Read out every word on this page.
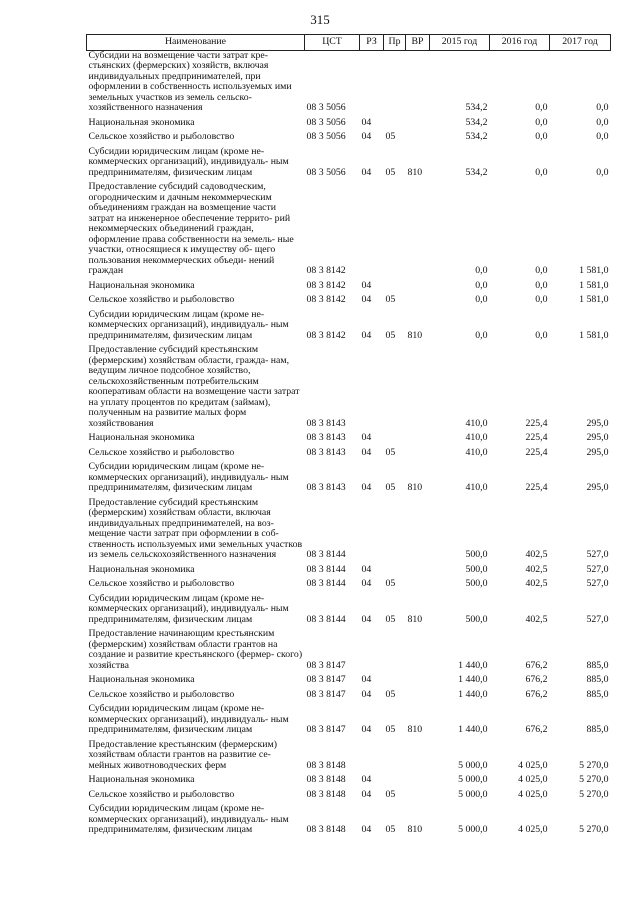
315
Наименование	ЦСТ	РЗ	Пр	ВР	2015 год	2016 год	2017 год
Субсидии на возмещение части затрат кре- стьянских (фермерских) хозяйств, включая индивидуальных предпринимателей, при оформлении в собственность используемых ими земельных участков из земель сельско- хозяйственного назначения	08 3 5056				534,2	0,0	0,0
Национальная экономика	08 3 5056	04			534,2	0,0	0,0
Сельское хозяйство и рыболовство	08 3 5056	04	05		534,2	0,0	0,0
Субсидии юридическим лицам (кроме не- коммерческих организаций), индивидуаль- ным предпринимателям, физическим лицам	08 3 5056	04	05	810	534,2	0,0	0,0
Предоставление субсидий садоводческим, огородническим и дачным некоммерческим объединениям граждан на возмещение части затрат на инженерное обеспечение террито- рий некоммерческих объединений граждан, оформление права собственности на земель- ные участки, относящиеся к имуществу об- щего пользования некоммерческих объеди- нений граждан	08 3 8142				0,0	0,0	1 581,0
Национальная экономика	08 3 8142	04			0,0	0,0	1 581,0
Сельское хозяйство и рыболовство	08 3 8142	04	05		0,0	0,0	1 581,0
Субсидии юридическим лицам (кроме не- коммерческих организаций), индивидуаль- ным предпринимателям, физическим лицам	08 3 8142	04	05	810	0,0	0,0	1 581,0
Предоставление субсидий крестьянским (фермерским) хозяйствам области, гражда- нам, ведущим личное подсобное хозяйство, сельскохозяйственным потребительским кооперативам области на возмещение части затрат на уплату процентов по кредитам (займам), полученным на развитие малых форм хозяйствования	08 3 8143				410,0	225,4	295,0
Национальная экономика	08 3 8143	04			410,0	225,4	295,0
Сельское хозяйство и рыболовство	08 3 8143	04	05		410,0	225,4	295,0
Субсидии юридическим лицам (кроме не- коммерческих организаций), индивидуаль- ным предпринимателям, физическим лицам	08 3 8143	04	05	810	410,0	225,4	295,0
Предоставление субсидий крестьянским (фермерским) хозяйствам области, включая индивидуальных предпринимателей, на воз- мещение части затрат при оформлении в соб- ственность используемых ими земельных участков из земель сельскохозяйственного назначения	08 3 8144				500,0	402,5	527,0
Национальная экономика	08 3 8144	04			500,0	402,5	527,0
Сельское хозяйство и рыболовство	08 3 8144	04	05		500,0	402,5	527,0
Субсидии юридическим лицам (кроме не- коммерческих организаций), индивидуаль- ным предпринимателям, физическим лицам	08 3 8144	04	05	810	500,0	402,5	527,0
Предоставление начинающим крестьянским (фермерским) хозяйствам области грантов на создание и развитие крестьянского (фермер- ского) хозяйства	08 3 8147				1 440,0	676,2	885,0
Национальная экономика	08 3 8147	04			1 440,0	676,2	885,0
Сельское хозяйство и рыболовство	08 3 8147	04	05		1 440,0	676,2	885,0
Субсидии юридическим лицам (кроме не- коммерческих организаций), индивидуаль- ным предпринимателям, физическим лицам	08 3 8147	04	05	810	1 440,0	676,2	885,0
Предоставление крестьянским (фермерским) хозяйствам области грантов на развитие се- мейных животноводческих ферм	08 3 8148				5 000,0	4 025,0	5 270,0
Национальная экономика	08 3 8148	04			5 000,0	4 025,0	5 270,0
Сельское хозяйство и рыболовство	08 3 8148	04	05		5 000,0	4 025,0	5 270,0
Субсидии юридическим лицам (кроме не- коммерческих организаций), индивидуаль- ным предпринимателям, физическим лицам	08 3 8148	04	05	810	5 000,0	4 025,0	5 270,0
